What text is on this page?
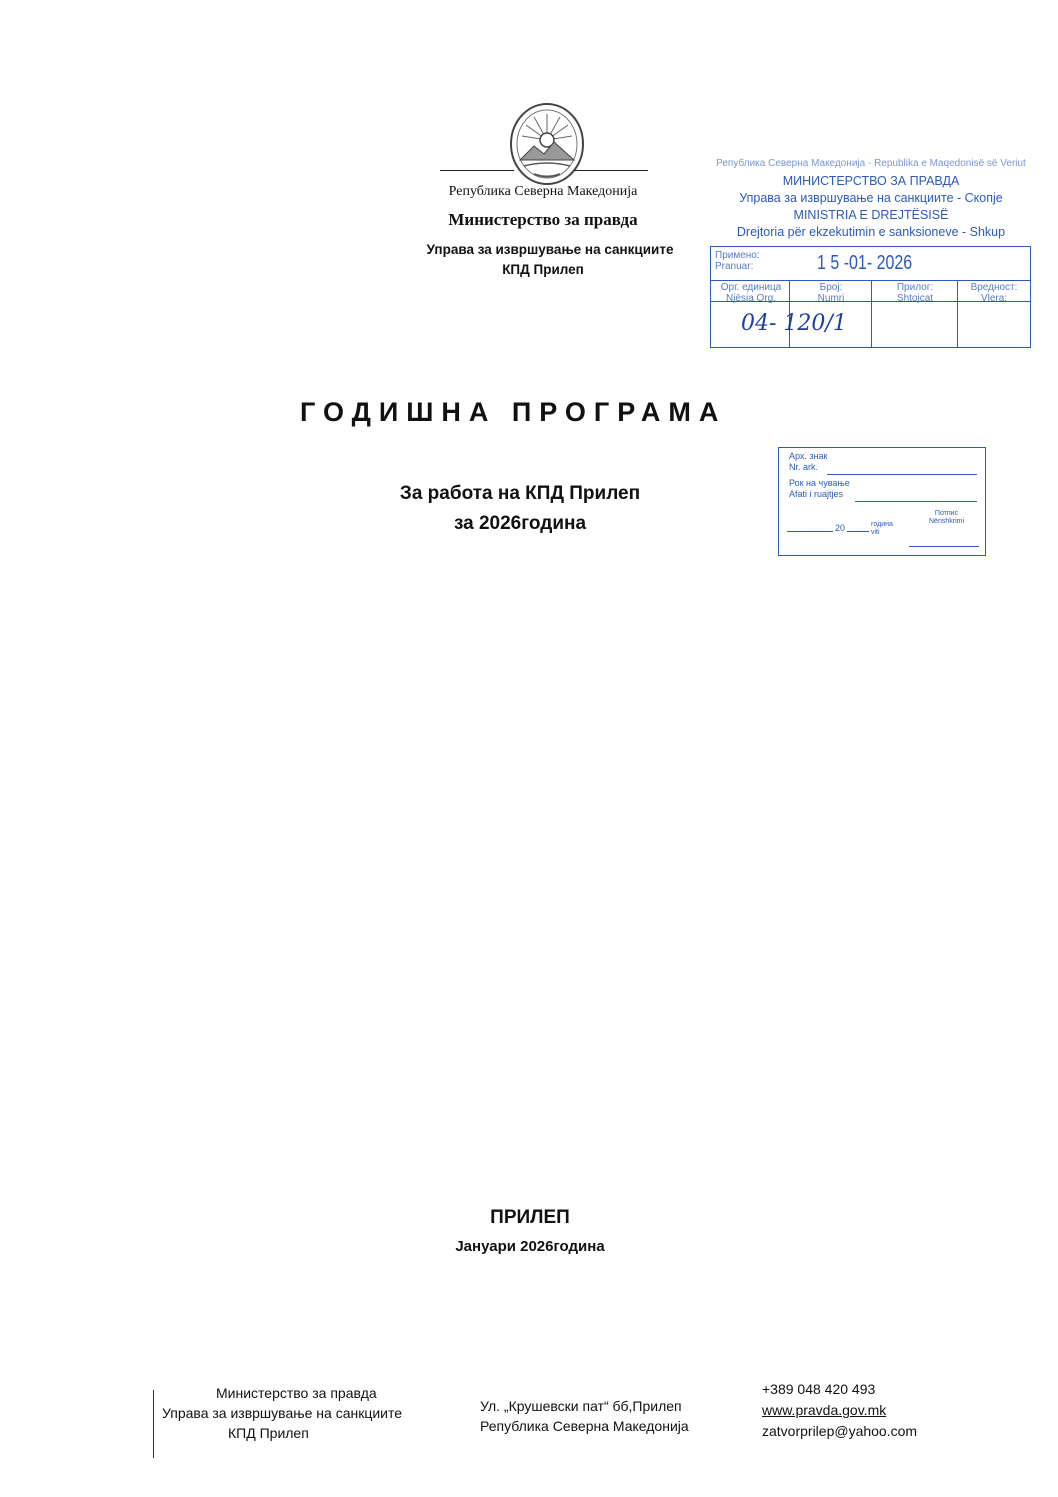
Република Северна Македонија
Министерство за правда
Управа за извршување на санкциите
КПД Прилеп
Република Северна Македонија - Republika e Maqedonisë së Veriut
МИНИСТЕРСТВО ЗА ПРАВДА
Управа за извршување на санкциите - Скопје
MINISTRIA E DREJTËSISË
Drejtoria për ekzekutimin e sanksioneve - Shkup
Примено:
Pranuar:	1 5 -01- 2026
Орг. единица
Njësia Org.
Број:
Numri
Прилог:
Shtojcat
Вредност:
Vlera:
04- 120/1
ГОДИШНА ПРОГРАМА
Арх. знак
Nr. ark.
Рок на чување
Afati i ruajtjes
20	година
viti
Потпис
Nënshkrimi
За работа на КПД Прилеп
за 2026година
ПРИЛЕП
Јануари 2026година
Министерство за правда
Управа за извршување на санкциите
КПД Прилеп
Ул. „Крушевски пат“ бб,Прилеп
Република Северна Македонија
+389 048 420 493
www.pravda.gov.mk
zatvorprilep@yahoo.com
